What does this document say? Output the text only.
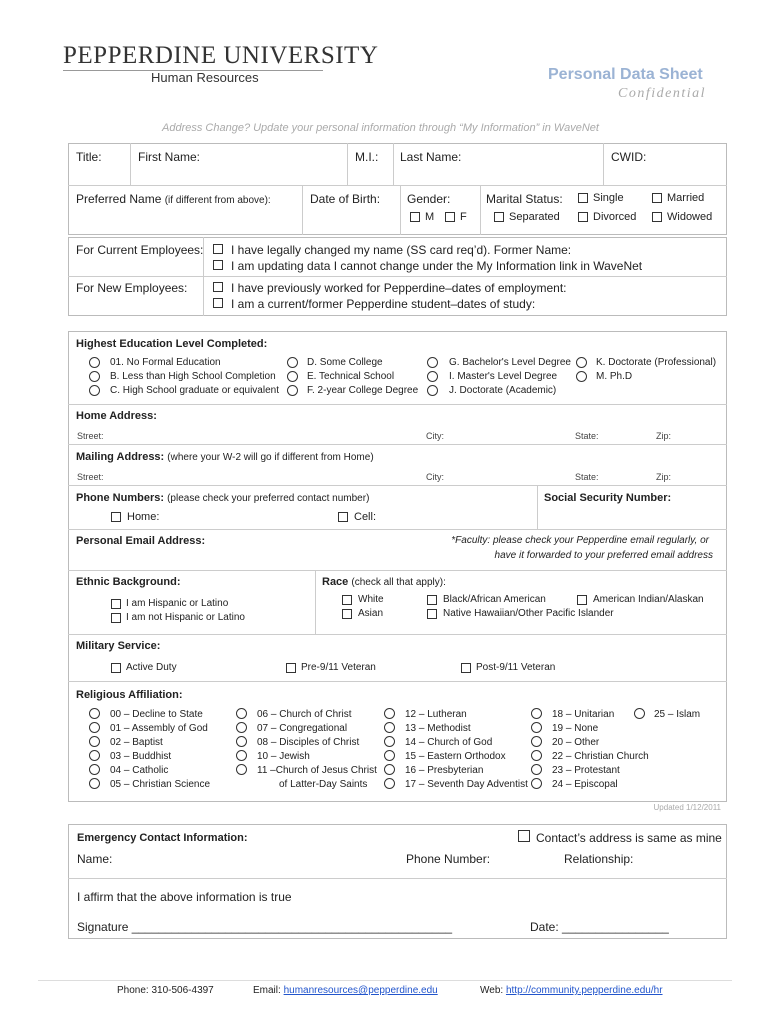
PEPPERDINE UNIVERSITY
Human Resources	Personal Data Sheet
Confidential
Address Change? Update your personal information through “My Information” in WaveNet
Title:	First Name:	M.I.: Last Name:	CWID:
Preferred Name (if different from above):	Date of Birth: Gender:
M F
Marital Status:	Single	Married
Separated	Divorced	Widowed
For Current Employees: I have legally changed my name (SS card req’d). Former Name:
I am updating data I cannot change under the My Information link in WaveNet
For New Employees:	I have previously worked for Pepperdine–dates of employment:
I am a current/former Pepperdine student–dates of study:
Highest Education Level Completed:
01. No Formal Education
B. Less than High School Completion
C. High School graduate or equivalent
D. Some College
E. Technical School
F. 2-year College Degree
G. Bachelor's Level Degree
I. Master's Level Degree
J. Doctorate (Academic)
K. Doctorate (Professional)
M. Ph.D
Home Address:
Street:	City:	State:	Zip:
Mailing Address: (where your W-2 will go if different from Home)
Street:	City:	State:	Zip:
Phone Numbers: (please check your preferred contact number)
Home:	Cell:
Social Security Number:
Personal Email Address:	*Faculty: please check your Pepperdine email regularly, or
have it forwarded to your preferred email address
Ethnic Background:
I am Hispanic or Latino
I am not Hispanic or Latino
Race (check all that apply):
White
Asian
Black/African American
Native Hawaiian/Other Pacific Islander
American Indian/Alaskan
Military Service:
Active Duty	Pre-9/11 Veteran	Post-9/11 Veteran
Religious Affiliation:
00 – Decline to State
01 – Assembly of God
02 – Baptist
03 – Buddhist
04 – Catholic
05 – Christian Science
06 – Church of Christ
07 – Congregational
08 – Disciples of Christ
10 – Jewish
11 –Church of Jesus Christ
of Latter-Day Saints
12 – Lutheran
13 – Methodist
14 – Church of God
15 – Eastern Orthodox
16 – Presbyterian
17 – Seventh Day Adventist
18 – Unitarian
19 – None
20 – Other
22 – Christian Church
23 – Protestant
24 – Episcopal
25 – Islam
Updated 1/12/2011
Emergency Contact Information:	Contact’s address is same as mine
Name:	Phone Number:	Relationship:
I affirm that the above information is true
Signature ________________________________________________	Date: ________________
Phone: 310-506-4397	Email: humanresources@pepperdine.edu	Web: http://community.pepperdine.edu/hr
